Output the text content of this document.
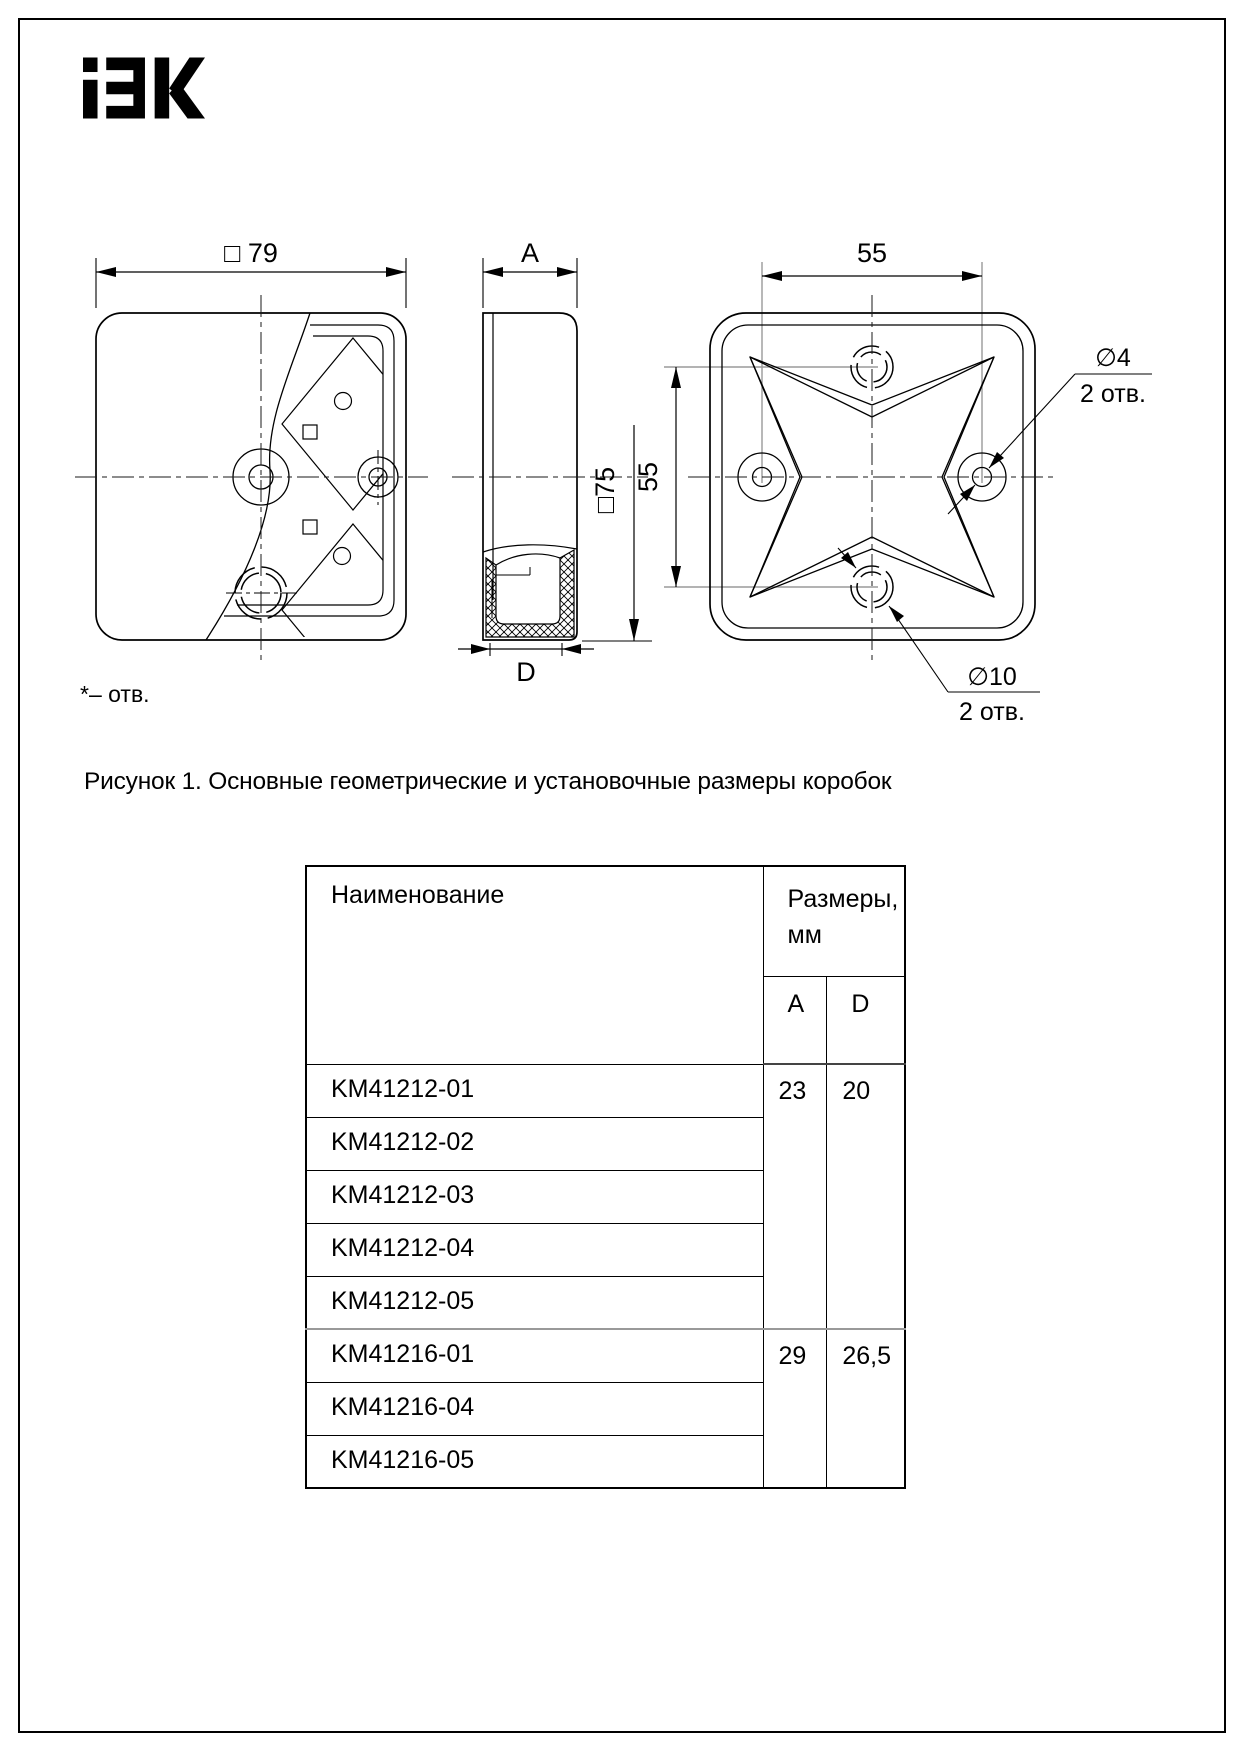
□ 79	A
□75
D
55
55
∅4
2 отв.
∅10
2 отв.
*– отв.
Рисунок 1. Основные геометрические и установочные размеры коробок
Наименование	Размеры,
мм	

	A	D
KM41212-01	23	20
KM41212-02		
KM41212-03		
KM41212-04		
KM41212-05		
KM41216-01	29	26,5
KM41216-04		
KM41216-05		
